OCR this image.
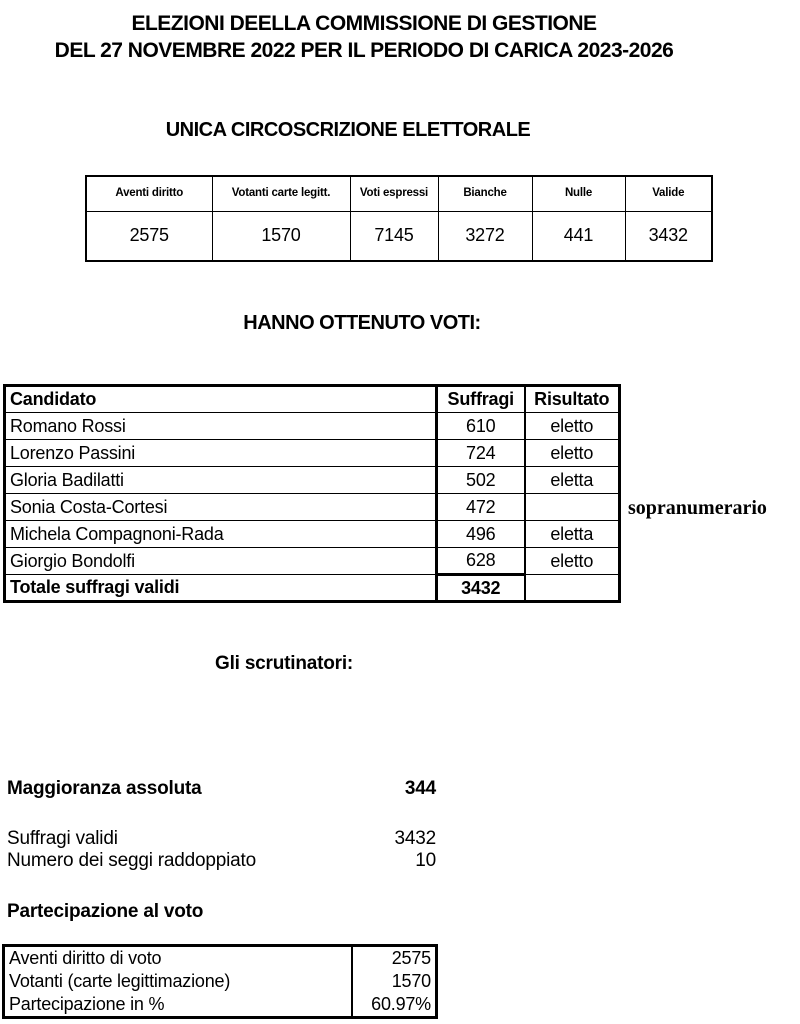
ELEZIONI DEELLA COMMISSIONE DI GESTIONE
DEL 27 NOVEMBRE 2022 PER IL PERIODO DI CARICA 2023-2026
UNICA CIRCOSCRIZIONE ELETTORALE
Aventi diritto	Votanti carte legitt.	Voti espressi	Bianche	Nulle	Valide
2575	1570	7145	3272	441	3432
HANNO OTTENUTO VOTI:
Candidato	Suffragi	Risultato
Romano Rossi	610	eletto
Lorenzo Passini	724	eletto
Gloria Badilatti	502	eletta
Sonia Costa-Cortesi	472	
Michela Compagnoni-Rada	496	eletta
Giorgio Bondolfi	628	eletto
Totale suffragi validi	3432	
sopranumerario
Gli scrutinatori:
Maggioranza assoluta	344
Suffragi validi	3432
Numero dei seggi raddoppiato	10
Partecipazione al voto
Aventi diritto di voto	2575
Votanti (carte legittimazione)	1570
Partecipazione in %	60.97%
